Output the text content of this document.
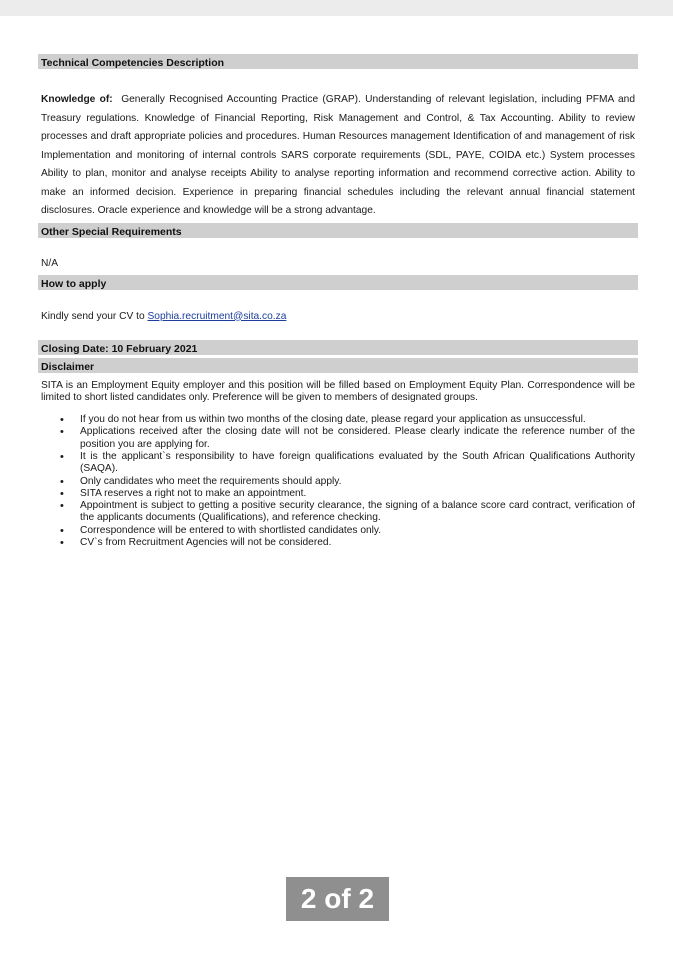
Technical Competencies Description
Knowledge of: Generally Recognised Accounting Practice (GRAP). Understanding of relevant legislation, including PFMA and Treasury regulations. Knowledge of Financial Reporting, Risk Management and Control, & Tax Accounting. Ability to review processes and draft appropriate policies and procedures. Human Resources management Identification of and management of risk Implementation and monitoring of internal controls SARS corporate requirements (SDL, PAYE, COIDA etc.) System processes Ability to plan, monitor and analyse receipts Ability to analyse reporting information and recommend corrective action. Ability to make an informed decision. Experience in preparing financial schedules including the relevant annual financial statement disclosures. Oracle experience and knowledge will be a strong advantage.
Other Special Requirements
N/A
How to apply
Kindly send your CV to Sophia.recruitment@sita.co.za
Closing Date: 10 February 2021
Disclaimer
SITA is an Employment Equity employer and this position will be filled based on Employment Equity Plan. Correspondence will be limited to short listed candidates only. Preference will be given to members of designated groups.
• If you do not hear from us within two months of the closing date, please regard your application as unsuccessful.
• Applications received after the closing date will not be considered. Please clearly indicate the reference number of the position you are applying for.
• It is the applicant`s responsibility to have foreign qualifications evaluated by the South African Qualifications Authority (SAQA).
• Only candidates who meet the requirements should apply.
• SITA reserves a right not to make an appointment.
• Appointment is subject to getting a positive security clearance, the signing of a balance score card contract, verification of the applicants documents (Qualifications), and reference checking.
• Correspondence will be entered to with shortlisted candidates only.
• CV`s from Recruitment Agencies will not be considered.
2 of 2
